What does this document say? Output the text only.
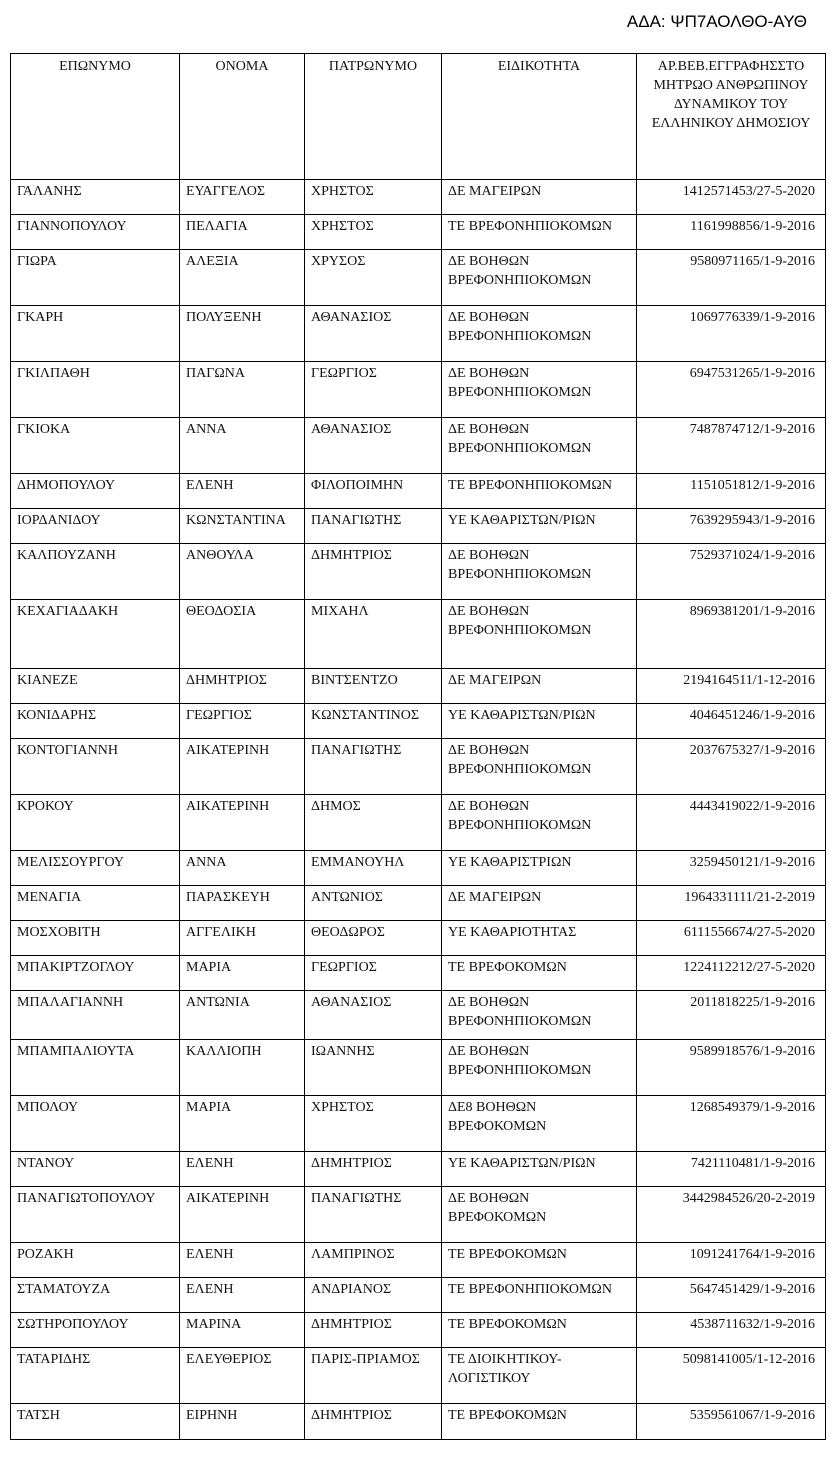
ΑΔΑ: ΨΠ7ΑΟΛΘΟ-ΑΥΘ
ΕΠΩΝΥΜΟ	ΟΝΟΜΑ	ΠΑΤΡΩΝΥΜΟ	ΕΙΔΙΚΟΤΗΤΑ	ΑΡ.ΒΕΒ.ΕΓΓΡΑΦΗΣΣΤΟ ΜΗΤΡΩΟ ΑΝΘΡΩΠΙΝΟΥ ΔΥΝΑΜΙΚΟΥ ΤΟΥ ΕΛΛΗΝΙΚΟΥ ΔΗΜΟΣΙΟΥ
ΓΑΛΑΝΗΣ	ΕΥΑΓΓΕΛΟΣ	ΧΡΗΣΤΟΣ	ΔΕ ΜΑΓΕΙΡΩΝ	1412571453/27-5-2020
ΓΙΑΝΝΟΠΟΥΛΟΥ	ΠΕΛΑΓΙΑ	ΧΡΗΣΤΟΣ	ΤΕ ΒΡΕΦΟΝΗΠΙΟΚΟΜΩΝ	1161998856/1-9-2016
ΓΙΩΡΑ	ΑΛΕΞΙΑ	ΧΡΥΣΟΣ	ΔΕ ΒΟΗΘΩΝ ΒΡΕΦΟΝΗΠΙΟΚΟΜΩΝ	9580971165/1-9-2016
ΓΚΑΡΗ	ΠΟΛΥΞΕΝΗ	ΑΘΑΝΑΣΙΟΣ	ΔΕ ΒΟΗΘΩΝ ΒΡΕΦΟΝΗΠΙΟΚΟΜΩΝ	1069776339/1-9-2016
ΓΚΙΛΠΑΘΗ	ΠΑΓΩΝΑ	ΓΕΩΡΓΙΟΣ	ΔΕ ΒΟΗΘΩΝ ΒΡΕΦΟΝΗΠΙΟΚΟΜΩΝ	6947531265/1-9-2016
ΓΚΙΟΚΑ	ΑΝΝΑ	ΑΘΑΝΑΣΙΟΣ	ΔΕ ΒΟΗΘΩΝ ΒΡΕΦΟΝΗΠΙΟΚΟΜΩΝ	7487874712/1-9-2016
ΔΗΜΟΠΟΥΛΟΥ	ΕΛΕΝΗ	ΦΙΛΟΠΟΙΜΗΝ	ΤΕ ΒΡΕΦΟΝΗΠΙΟΚΟΜΩΝ	1151051812/1-9-2016
ΙΟΡΔΑΝΙΔΟΥ	ΚΩΝΣΤΑΝΤΙΝΑ	ΠΑΝΑΓΙΩΤΗΣ	ΥΕ ΚΑΘΑΡΙΣΤΩΝ/ΡΙΩΝ	7639295943/1-9-2016
ΚΑΛΠΟΥΖΑΝΗ	ΑΝΘΟΥΛΑ	ΔΗΜΗΤΡΙΟΣ	ΔΕ ΒΟΗΘΩΝ ΒΡΕΦΟΝΗΠΙΟΚΟΜΩΝ	7529371024/1-9-2016
ΚΕΧΑΓΙΑΔΑΚΗ	ΘΕΟΔΟΣΙΑ	ΜΙΧΑΗΛ	ΔΕ ΒΟΗΘΩΝ ΒΡΕΦΟΝΗΠΙΟΚΟΜΩΝ	8969381201/1-9-2016
ΚΙΑΝΕΖΕ	ΔΗΜΗΤΡΙΟΣ	ΒΙΝΤΣΕΝΤΖΟ	ΔΕ ΜΑΓΕΙΡΩΝ	2194164511/1-12-2016
ΚΟΝΙΔΑΡΗΣ	ΓΕΩΡΓΙΟΣ	ΚΩΝΣΤΑΝΤΙΝΟΣ	ΥΕ ΚΑΘΑΡΙΣΤΩΝ/ΡΙΩΝ	4046451246/1-9-2016
ΚΟΝΤΟΓΙΑΝΝΗ	ΑΙΚΑΤΕΡΙΝΗ	ΠΑΝΑΓΙΩΤΗΣ	ΔΕ ΒΟΗΘΩΝ ΒΡΕΦΟΝΗΠΙΟΚΟΜΩΝ	2037675327/1-9-2016
ΚΡΟΚΟΥ	ΑΙΚΑΤΕΡΙΝΗ	ΔΗΜΟΣ	ΔΕ ΒΟΗΘΩΝ ΒΡΕΦΟΝΗΠΙΟΚΟΜΩΝ	4443419022/1-9-2016
ΜΕΛΙΣΣΟΥΡΓΟΥ	ΑΝΝΑ	ΕΜΜΑΝΟΥΗΛ	ΥΕ ΚΑΘΑΡΙΣΤΡΙΩΝ	3259450121/1-9-2016
ΜΕΝΑΓΙΑ	ΠΑΡΑΣΚΕΥΗ	ΑΝΤΩΝΙΟΣ	ΔΕ ΜΑΓΕΙΡΩΝ	1964331111/21-2-2019
ΜΟΣΧΟΒΙΤΗ	ΑΓΓΕΛΙΚΗ	ΘΕΟΔΩΡΟΣ	ΥΕ ΚΑΘΑΡΙΟΤΗΤΑΣ	6111556674/27-5-2020
ΜΠΑΚΙΡΤΖΟΓΛΟΥ	ΜΑΡΙΑ	ΓΕΩΡΓΙΟΣ	ΤΕ ΒΡΕΦΟΚΟΜΩΝ	1224112212/27-5-2020
ΜΠΑΛΑΓΙΑΝΝΗ	ΑΝΤΩΝΙΑ	ΑΘΑΝΑΣΙΟΣ	ΔΕ ΒΟΗΘΩΝ ΒΡΕΦΟΝΗΠΙΟΚΟΜΩΝ	2011818225/1-9-2016
ΜΠΑΜΠΑΛΙΟΥΤΑ	ΚΑΛΛΙΟΠΗ	ΙΩΑΝΝΗΣ	ΔΕ ΒΟΗΘΩΝ ΒΡΕΦΟΝΗΠΙΟΚΟΜΩΝ	9589918576/1-9-2016
ΜΠΟΛΟΥ	ΜΑΡΙΑ	ΧΡΗΣΤΟΣ	ΔΕ8 ΒΟΗΘΩΝ ΒΡΕΦΟΚΟΜΩΝ	1268549379/1-9-2016
ΝΤΑΝΟΥ	ΕΛΕΝΗ	ΔΗΜΗΤΡΙΟΣ	ΥΕ ΚΑΘΑΡΙΣΤΩΝ/ΡΙΩΝ	7421110481/1-9-2016
ΠΑΝΑΓΙΩΤΟΠΟΥΛΟΥ	ΑΙΚΑΤΕΡΙΝΗ	ΠΑΝΑΓΙΩΤΗΣ	ΔΕ ΒΟΗΘΩΝ ΒΡΕΦΟΚΟΜΩΝ	3442984526/20-2-2019
ΡΟΖΑΚΗ	ΕΛΕΝΗ	ΛΑΜΠΡΙΝΟΣ	ΤΕ ΒΡΕΦΟΚΟΜΩΝ	1091241764/1-9-2016
ΣΤΑΜΑΤΟΥΖΑ	ΕΛΕΝΗ	ΑΝΔΡΙΑΝΟΣ	ΤΕ ΒΡΕΦΟΝΗΠΙΟΚΟΜΩΝ	5647451429/1-9-2016
ΣΩΤΗΡΟΠΟΥΛΟΥ	ΜΑΡΙΝΑ	ΔΗΜΗΤΡΙΟΣ	ΤΕ ΒΡΕΦΟΚΟΜΩΝ	4538711632/1-9-2016
ΤΑΤΑΡΙΔΗΣ	ΕΛΕΥΘΕΡΙΟΣ	ΠΑΡΙΣ-ΠΡΙΑΜΟΣ	ΤΕ ΔΙΟΙΚΗΤΙΚΟΥ-ΛΟΓΙΣΤΙΚΟΥ	5098141005/1-12-2016
ΤΑΤΣΗ	ΕΙΡΗΝΗ	ΔΗΜΗΤΡΙΟΣ	ΤΕ ΒΡΕΦΟΚΟΜΩΝ	5359561067/1-9-2016
